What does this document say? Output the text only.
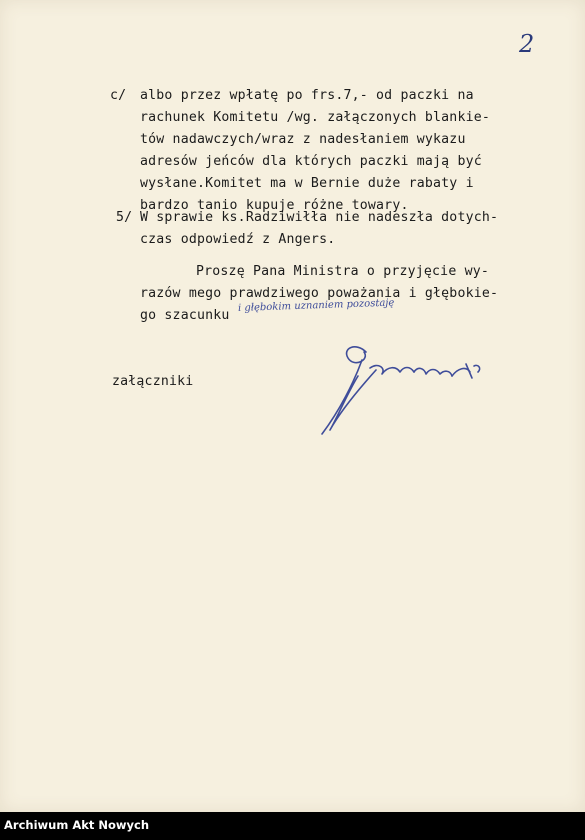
2
c/ albo przez wpłatę po frs.7,- od paczki na
rachunek Komitetu /wg. załączonych blankie-
tów nadawczych/wraz z nadesłaniem wykazu
adresów jeńców dla których paczki mają być
wysłane.Komitet ma w Bernie duże rabaty i
bardzo tanio kupuje różne towary.
5/ W sprawie ks.Radziwiłła nie nadeszła dotych-
czas odpowiedź z Angers.
Proszę Pana Ministra o przyjęcie wy-
razów mego prawdziwego poważania i głębokie-
go szacunku
i głębokim uznaniem pozostaję
załączniki
Archiwum Akt Nowych
